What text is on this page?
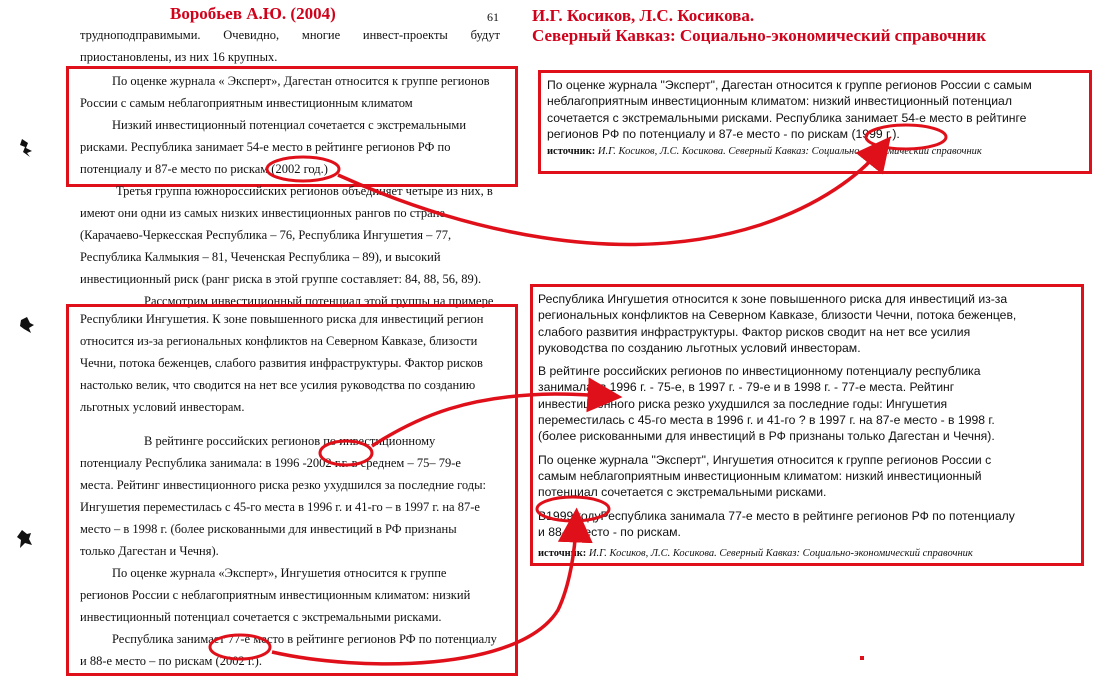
Воробьев А.Ю. (2004)	61 И.Г. Косиков, Л.С. Косикова.
Северный Кавказ: Социально-экономический справочник
трудноподправимыми. Очевидно, многие инвест-проекты будут
приостановлены, из них 16 крупных.
По оценке журнала « Эксперт», Дагестан относится к группе регионов
России с самым неблагоприятным инвестиционным климатом
Низкий инвестиционный потенциал сочетается с экстремальными
рисками. Республика занимает 54-е место в рейтинге регионов РФ по
потенциалу и 87-е место по рискам (2002 год.)
Третья группа южнороссийских регионов объединяет четыре из них, в
имеют они одни из самых низких инвестиционных рангов по стране
(Карачаево-Черкесская Республика – 76, Республика Ингушетия – 77,
Республика Калмыкия – 81, Чеченская Республика – 89), и высокий
инвестиционный риск (ранг риска в этой группе составляет: 84, 88, 56, 89).
Рассмотрим инвестиционный потенциал этой группы на примере
Республики Ингушетия. К зоне повышенного риска для инвестиций регион
относится из-за региональных конфликтов на Северном Кавказе, близости
Чечни, потока беженцев, слабого развития инфраструктуры. Фактор рисков
настолько велик, что сводится на нет все усилия руководства по созданию
льготных условий инвесторам.
В рейтинге российских регионов по инвестиционному
потенциалу Республика занимала: в 1996 -2002 г.г. в среднем – 75– 79-е
места. Рейтинг инвестиционного риска резко ухудшился за последние годы:
Ингушетия переместилась с 45-го места в 1996 г. и 41-го – в 1997 г. на 87-е
место – в 1998 г. (более рискованными для инвестиций в РФ признаны
только Дагестан и Чечня).
По оценке журнала «Эксперт», Ингушетия относится к группе
регионов России с неблагоприятным инвестиционным климатом: низкий
инвестиционный потенциал сочетается с экстремальными рисками.
Республика занимает 77-е место в рейтинге регионов РФ по потенциалу
и 88-е место – по рискам (2002 г.).
По оценке журнала "Эксперт", Дагестан относится к группе регионов России с самым
неблагоприятным инвестиционным климатом: низкий инвестиционный потенциал
сочетается с экстремальными рисками. Республика занимает 54-е место в рейтинге
регионов РФ по потенциалу и 87-е место - по рискам (1999 г.).
источник: И.Г. Косиков, Л.С. Косикова. Северный Кавказ: Социально-экономический справочник
Республика Ингушетия относится к зоне повышенного риска для инвестиций из-за
региональных конфликтов на Северном Кавказе, близости Чечни, потока беженцев,
слабого развития инфраструктуры. Фактор рисков сводит на нет все усилия
руководства по созданию льготных условий инвесторам.
В рейтинге российских регионов по инвестиционному потенциалу республика
занимала: в 1996 г. - 75-е, в 1997 г. - 79-е и в 1998 г. - 77-е места. Рейтинг
инвестиционного риска резко ухудшился за последние годы: Ингушетия
переместилась с 45-го места в 1996 г. и 41-го ? в 1997 г. на 87-е место - в 1998 г.
(более рискованными для инвестиций в РФ признаны только Дагестан и Чечня).
По оценке журнала "Эксперт", Ингушетия относится к группе регионов России с
самым неблагоприятным инвестиционным климатом: низкий инвестиционный
потенциал сочетается с экстремальными рисками.
В1999 годуРеспублика занимала 77-е место в рейтинге регионов РФ по потенциалу
и 88-е место - по рискам.
источник: И.Г. Косиков, Л.С. Косикова. Северный Кавказ: Социально-экономический справочник
